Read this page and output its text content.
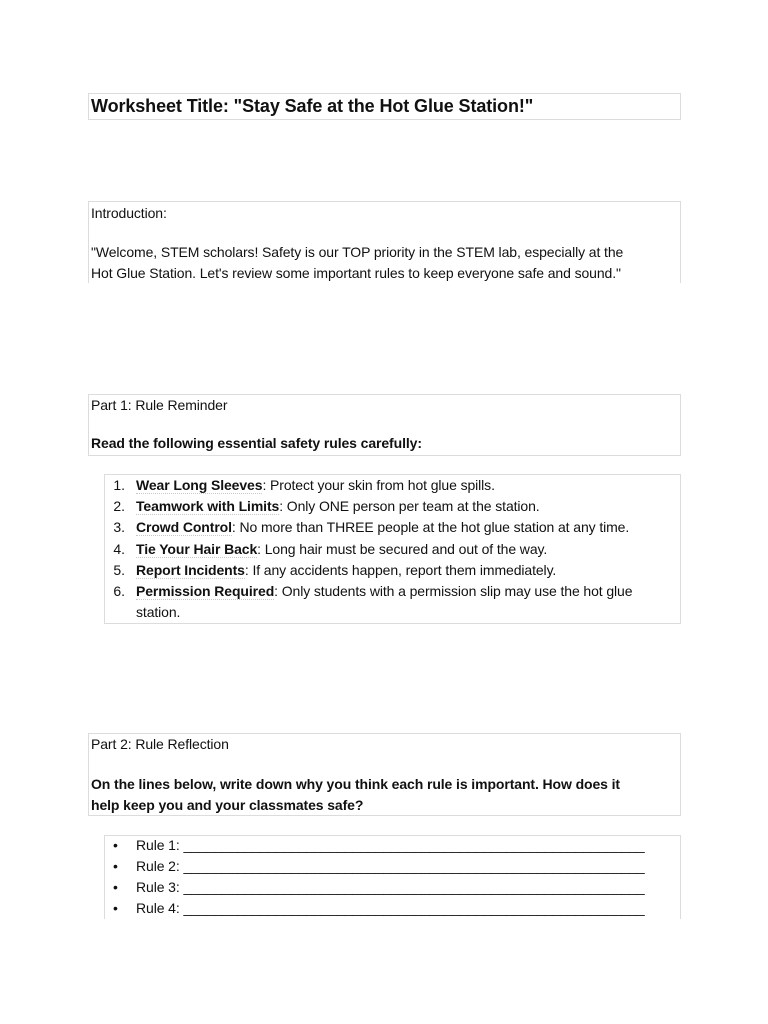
Worksheet Title: "Stay Safe at the Hot Glue Station!"
Introduction:
"Welcome, STEM scholars! Safety is our TOP priority in the STEM lab, especially at the
Hot Glue Station. Let's review some important rules to keep everyone safe and sound."
Part 1: Rule Reminder
Read the following essential safety rules carefully:
1. Wear Long Sleeves: Protect your skin from hot glue spills.
2. Teamwork with Limits: Only ONE person per team at the station.
3. Crowd Control: No more than THREE people at the hot glue station at any time.
4. Tie Your Hair Back: Long hair must be secured and out of the way.
5. Report Incidents: If any accidents happen, report them immediately.
6. Permission Required: Only students with a permission slip may use the hot glue
station.
Part 2: Rule Reflection
On the lines below, write down why you think each rule is important. How does it
help keep you and your classmates safe?
• Rule 1: ____________________________________________________________
• Rule 2: ____________________________________________________________
• Rule 3: ____________________________________________________________
• Rule 4: ____________________________________________________________
